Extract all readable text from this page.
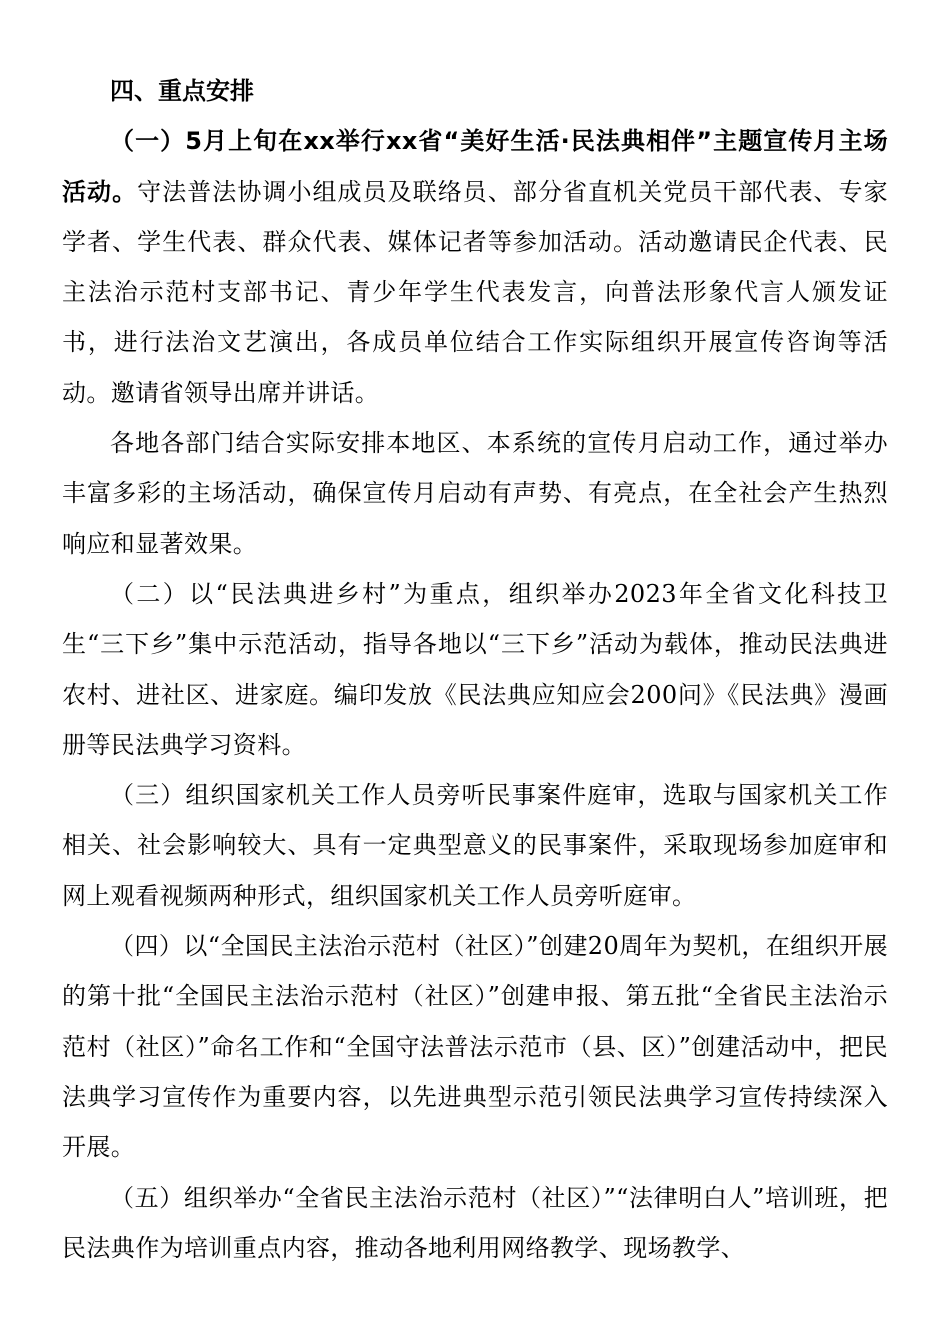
四、重点安排

（一）5月上旬在xx举行xx省“美好生活·民法典相伴”主题宣传月主场活动。守法普法协调小组成员及联络员、部分省直机关党员干部代表、专家学者、学生代表、群众代表、媒体记者等参加活动。活动邀请民企代表、民主法治示范村支部书记、青少年学生代表发言，向普法形象代言人颁发证书，进行法治文艺演出，各成员单位结合工作实际组织开展宣传咨询等活动。邀请省领导出席并讲话。

各地各部门结合实际安排本地区、本系统的宣传月启动工作，通过举办丰富多彩的主场活动，确保宣传月启动有声势、有亮点，在全社会产生热烈响应和显著效果。

（二）以“民法典进乡村”为重点，组织举办2023年全省文化科技卫生“三下乡”集中示范活动，指导各地以“三下乡”活动为载体，推动民法典进农村、进社区、进家庭。编印发放《民法典应知应会200问》《民法典》漫画册等民法典学习资料。

（三）组织国家机关工作人员旁听民事案件庭审，选取与国家机关工作相关、社会影响较大、具有一定典型意义的民事案件，采取现场参加庭审和网上观看视频两种形式，组织国家机关工作人员旁听庭审。

（四）以“全国民主法治示范村（社区）”创建20周年为契机，在组织开展的第十批“全国民主法治示范村（社区）”创建申报、第五批“全省民主法治示范村（社区）”命名工作和“全国守法普法示范市（县、区）”创建活动中，把民法典学习宣传作为重要内容，以先进典型示范引领民法典学习宣传持续深入开展。

（五）组织举办“全省民主法治示范村（社区）”“法律明白人”培训班，把民法典作为培训重点内容，推动各地利用网络教学、现场教学、
